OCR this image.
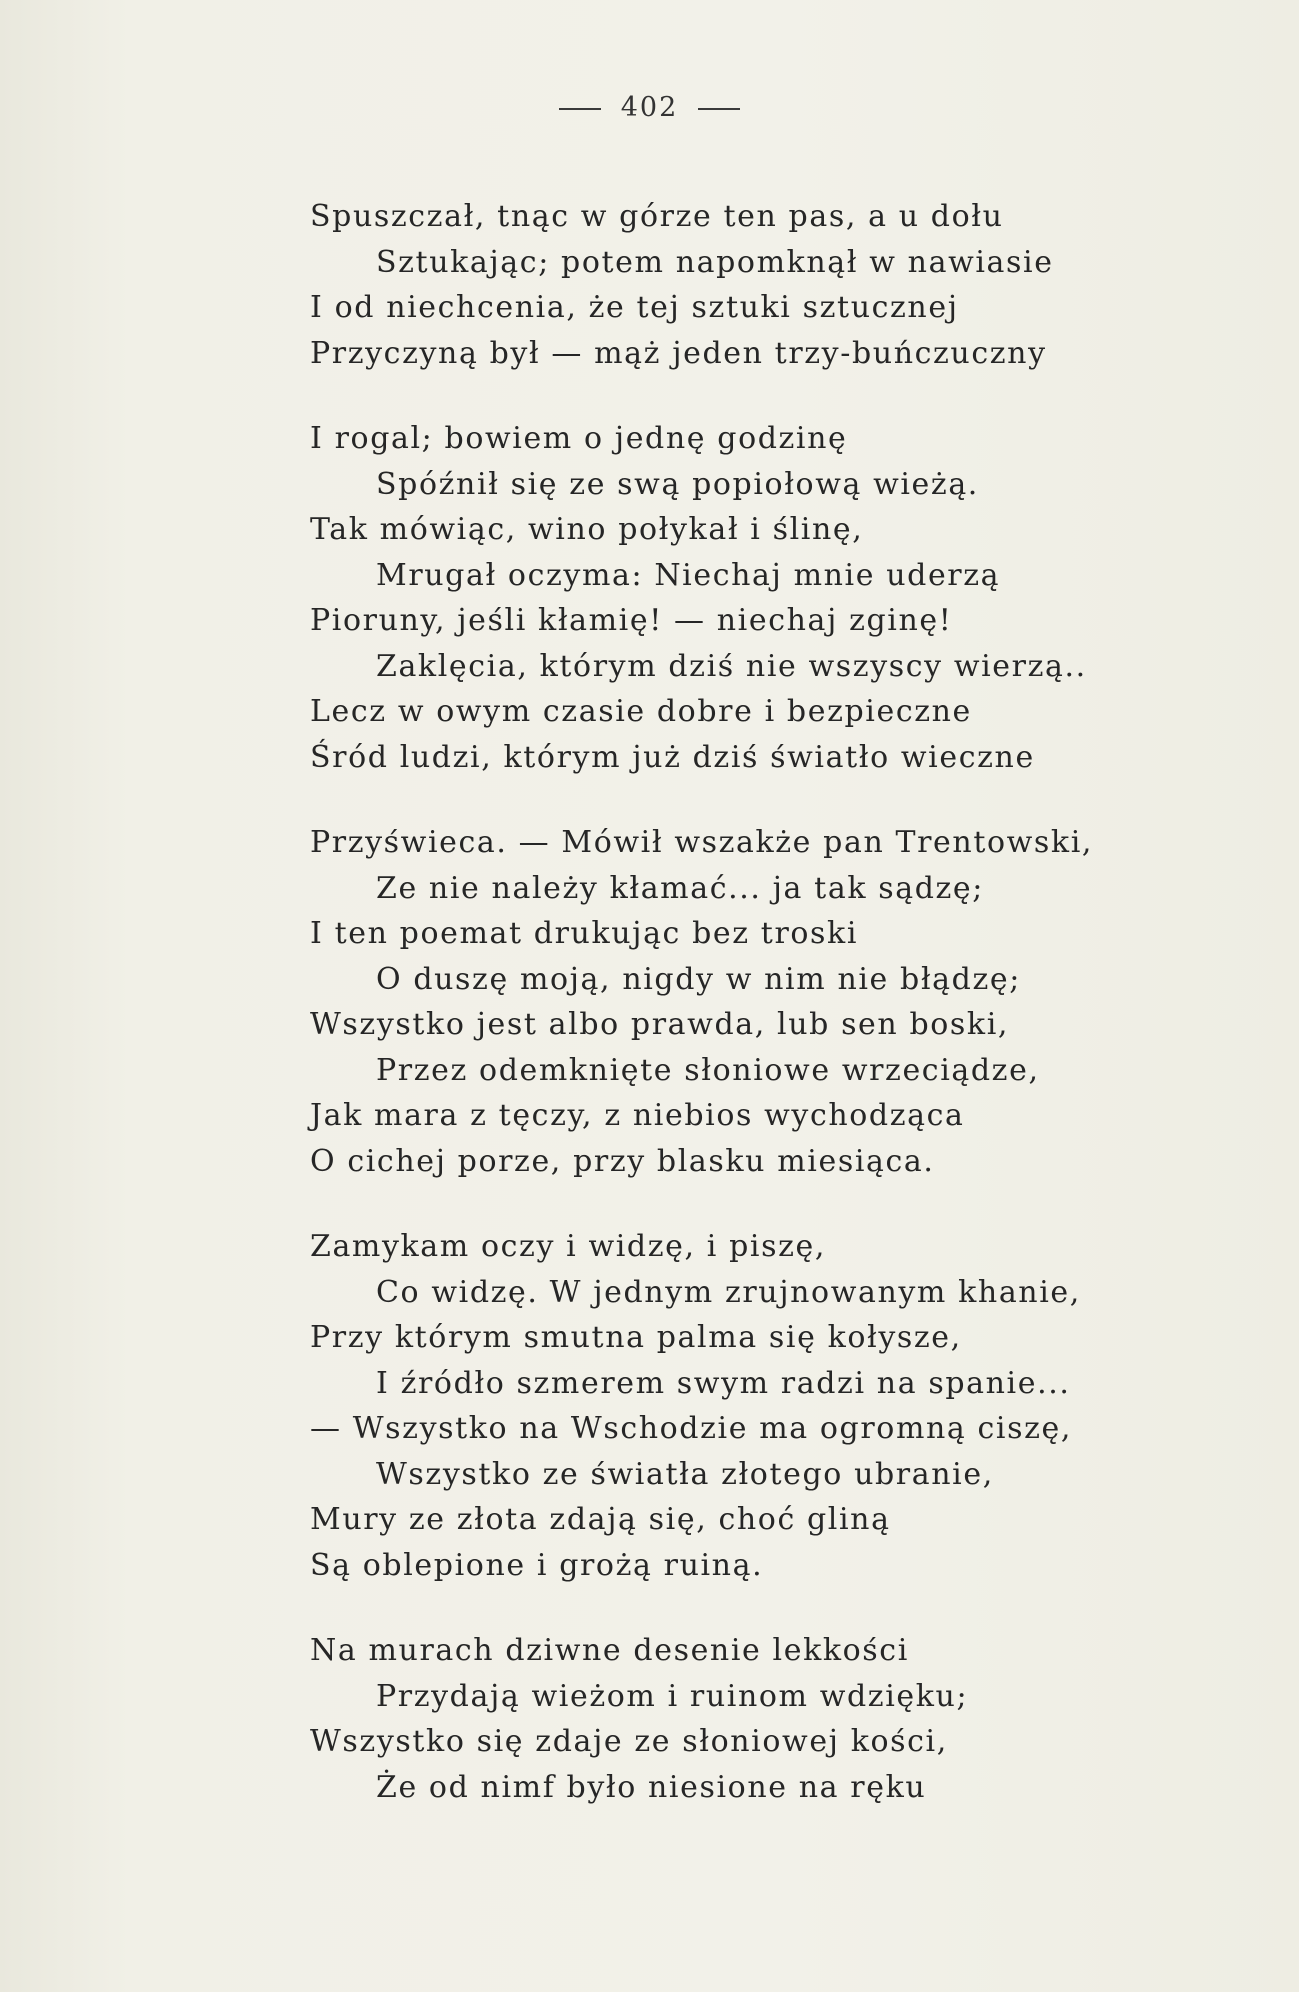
402
Spuszczał, tnąc w górze ten pas, a u dołu
Sztukając; potem napomknął w nawiasie
I od niechcenia, że tej sztuki sztucznej
Przyczyną był — mąż jeden trzy-buńczuczny
I rogal; bowiem o jednę godzinę
Spóźnił się ze swą popiołową wieżą.
Tak mówiąc, wino połykał i ślinę,
Mrugał oczyma: Niechaj mnie uderzą
Pioruny, jeśli kłamię! — niechaj zginę!
Zaklęcia, którym dziś nie wszyscy wierzą..
Lecz w owym czasie dobre i bezpieczne
Śród ludzi, którym już dziś światło wieczne
Przyświeca. — Mówił wszakże pan Trentowski,
Ze nie należy kłamać... ja tak sądzę;
I ten poemat drukując bez troski
O duszę moją, nigdy w nim nie błądzę;
Wszystko jest albo prawda, lub sen boski,
Przez odemknięte słoniowe wrzeciądze,
Jak mara z tęczy, z niebios wychodząca
O cichej porze, przy blasku miesiąca.
Zamykam oczy i widzę, i piszę,
Co widzę. W jednym zrujnowanym khanie,
Przy którym smutna palma się kołysze,
I źródło szmerem swym radzi na spanie...
— Wszystko na Wschodzie ma ogromną ciszę,
Wszystko ze światła złotego ubranie,
Mury ze złota zdają się, choć gliną
Są oblepione i grożą ruiną.
Na murach dziwne desenie lekkości
Przydają wieżom i ruinom wdzięku;
Wszystko się zdaje ze słoniowej kości,
Że od nimf było niesione na ręku
